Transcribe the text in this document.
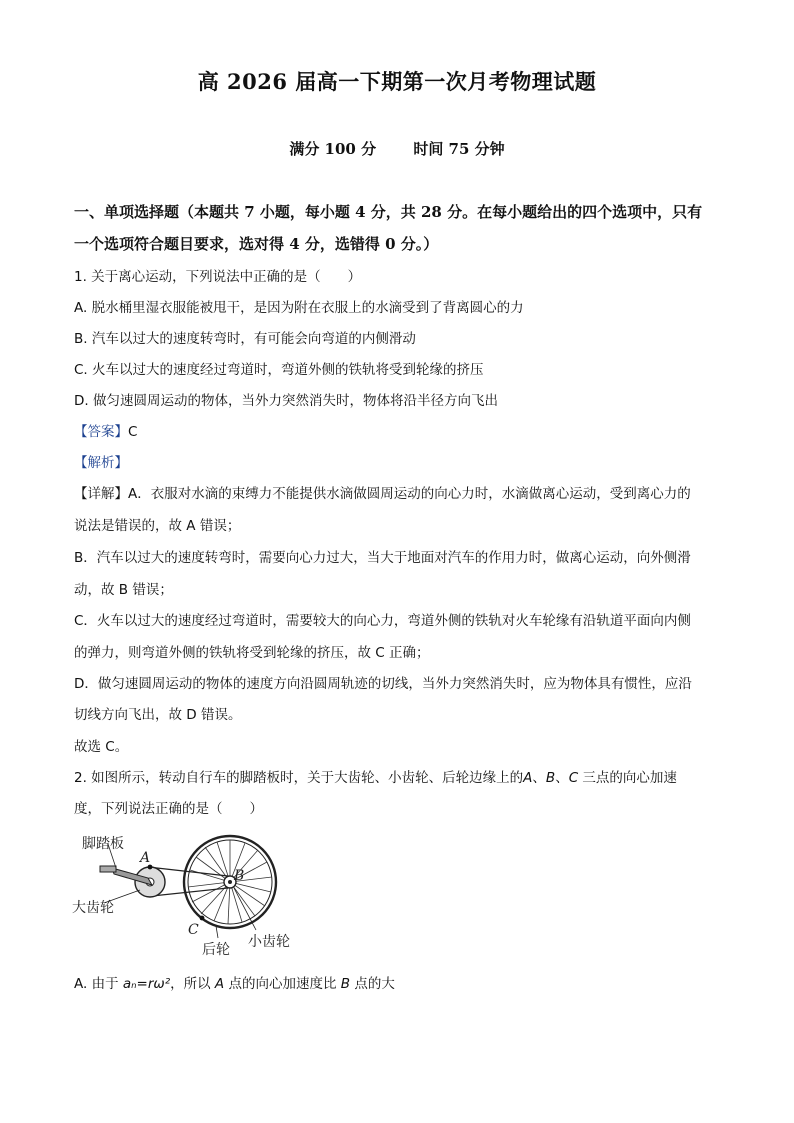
高 2026 届高一下期第一次月考物理试题
满分 100 分 时间 75 分钟
一、单项选择题（本题共 7 小题，每小题 4 分，共 28 分。在每小题给出的四个选项中，只有
一个选项符合题目要求，选对得 4 分，选错得 0 分。）
1. 关于离心运动，下列说法中正确的是（　　）
A. 脱水桶里湿衣服能被甩干，是因为附在衣服上的水滴受到了背离圆心的力
B. 汽车以过大的速度转弯时，有可能会向弯道的内侧滑动
C. 火车以过大的速度经过弯道时，弯道外侧的铁轨将受到轮缘的挤压
D. 做匀速圆周运动的物体，当外力突然消失时，物体将沿半径方向飞出
【答案】C
【解析】
【详解】A．衣服对水滴的束缚力不能提供水滴做圆周运动的向心力时，水滴做离心运动，受到离心力的
说法是错误的，故 A 错误；
B．汽车以过大的速度转弯时，需要向心力过大，当大于地面对汽车的作用力时，做离心运动，向外侧滑
动，故 B 错误；
C．火车以过大的速度经过弯道时，需要较大的向心力，弯道外侧的铁轨对火车轮缘有沿轨道平面向内侧
的弹力，则弯道外侧的铁轨将受到轮缘的挤压，故 C 正确；
D．做匀速圆周运动的物体的速度方向沿圆周轨迹的切线，当外力突然消失时，应为物体具有惯性，应沿
切线方向飞出，故 D 错误。
故选 C。
2. 如图所示，转动自行车的脚踏板时，关于大齿轮、小齿轮、后轮边缘上的A、B、C 三点的向心加速
度，下列说法正确的是（　　）
脚踏板
A
B
大齿轮
C
后轮 小齿轮
A. 由于 aₙ=rω²，所以 A 点的向心加速度比 B 点的大
